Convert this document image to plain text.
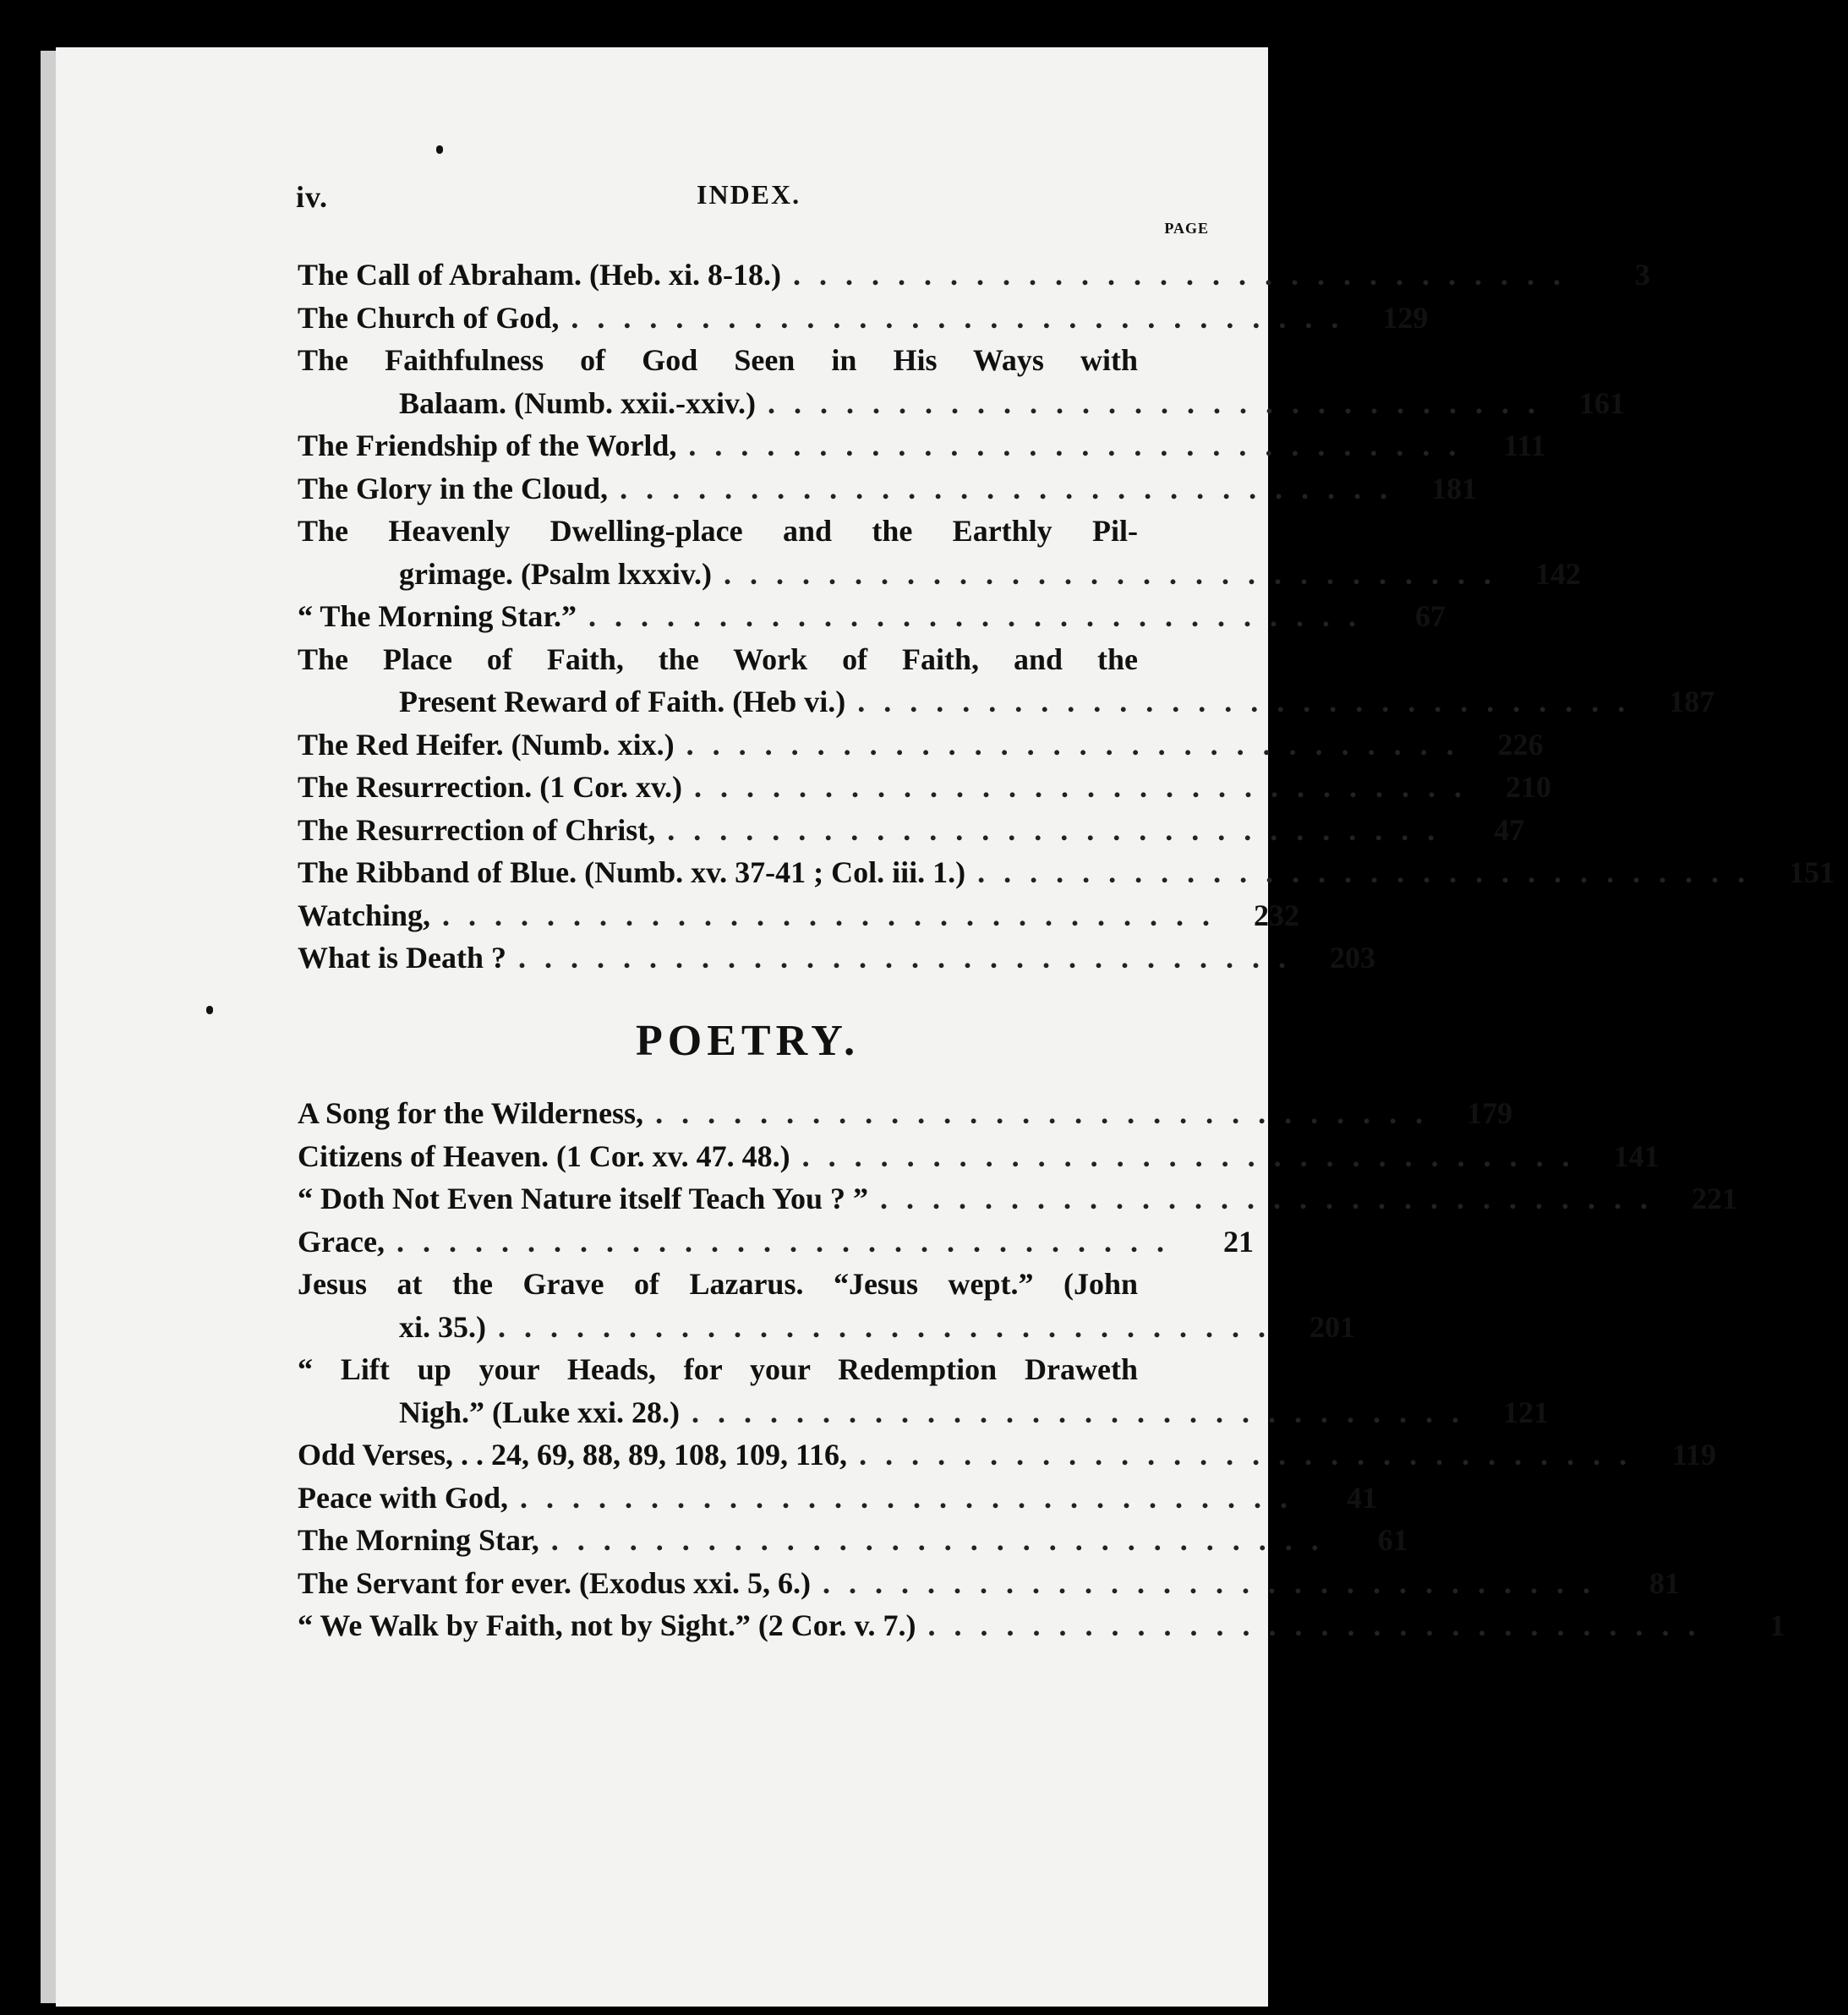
iv.	INDEX.
PAGE
The Call of Abraham. (Heb. xi. 8-18.) ..............................	3
The Church of God, .............................. 129
The Faithfulness of God Seen in His Ways with
Balaam. (Numb. xxii.-xxiv.) .............................. 161
The Friendship of the World, .............................. 111
The Glory in the Cloud, .............................. 181
The Heavenly Dwelling-place and the Earthly Pil-
grimage. (Psalm lxxxiv.) .............................. 142
“ The Morning Star.” ..............................	67
The Place of Faith, the Work of Faith, and the
Present Reward of Faith. (Heb vi.) .............................. 187
The Red Heifer. (Numb. xix.) .............................. 226
The Resurrection. (1 Cor. xv.) .............................. 210
The Resurrection of Christ, ..............................	47
The Ribband of Blue. (Numb. xv. 37-41 ; Col. iii. 1.) .............................. 151
Watching, .............................. 232
What is Death ? .............................. 203
POETRY.
A Song for the Wilderness, .............................. 179
Citizens of Heaven. (1 Cor. xv. 47. 48.) .............................. 141
“ Doth Not Even Nature itself Teach You ? ” .............................. 221
Grace, ..............................	21
Jesus at the Grave of Lazarus. “Jesus wept.” (John
xi. 35.) .............................. 201
“ Lift up your Heads, for your Redemption Draweth
Nigh.” (Luke xxi. 28.) .............................. 121
Odd Verses, . . 24, 69, 88, 89, 108, 109, 116, .............................. 119
Peace with God, ..............................	41
The Morning Star, ..............................	61
The Servant for ever. (Exodus xxi. 5, 6.) ..............................	81
“ We Walk by Faith, not by Sight.” (2 Cor. v. 7.) ..............................	1
